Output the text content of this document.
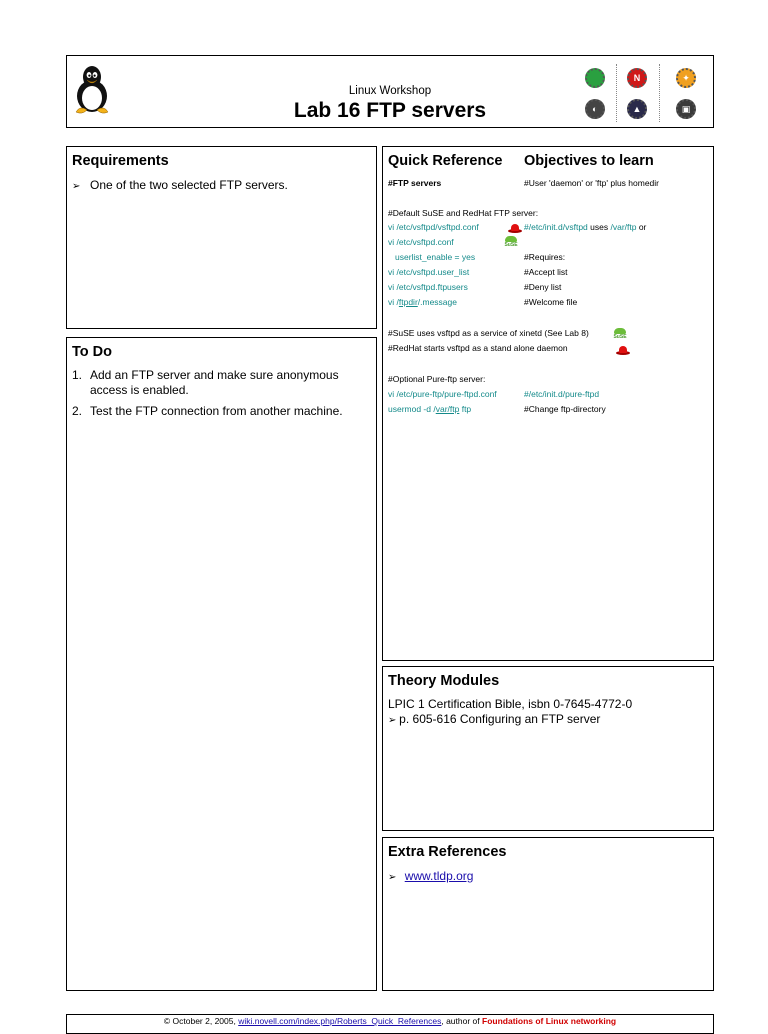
Linux Workshop
Lab 16 FTP servers
N	✦
◐	▲	▣
Requirements
➢ One of the two selected FTP servers.
To Do
1. Add an FTP server and make sure anonymous access is enabled.
2. Test the FTP connection from another machine.
Quick Reference Objectives to learn
#FTP servers	#User 'daemon' or 'ftp' plus homedir
#Default SuSE and RedHat FTP server:
vi /etc/vsftpd/vsftpd.conf	#/etc/init.d/vsftpd uses /var/ftp or
vi /etc/vsftpd.conf	SuSE
userlist_enable = yes	#Requires:
vi /etc/vsftpd.user_list	#Accept list
vi /etc/vsftpd.ftpusers	#Deny list
vi /ftpdir/.message	#Welcome file
#SuSE uses vsftpd as a service of xinetd (See Lab 8)	SuSE
#RedHat starts vsftpd as a stand alone daemon
#Optional Pure-ftp server:
vi /etc/pure-ftp/pure-ftpd.conf	#/etc/init.d/pure-ftpd
usermod -d /var/ftp ftp	#Change ftp-directory
Theory Modules
LPIC 1 Certification Bible, isbn 0-7645-4772-0
➢ p. 605-616 Configuring an FTP server
Extra References
➢   www.tldp.org
© October 2, 2005, wiki.novell.com/index.php/Roberts_Quick_References, author of Foundations of Linux networking
